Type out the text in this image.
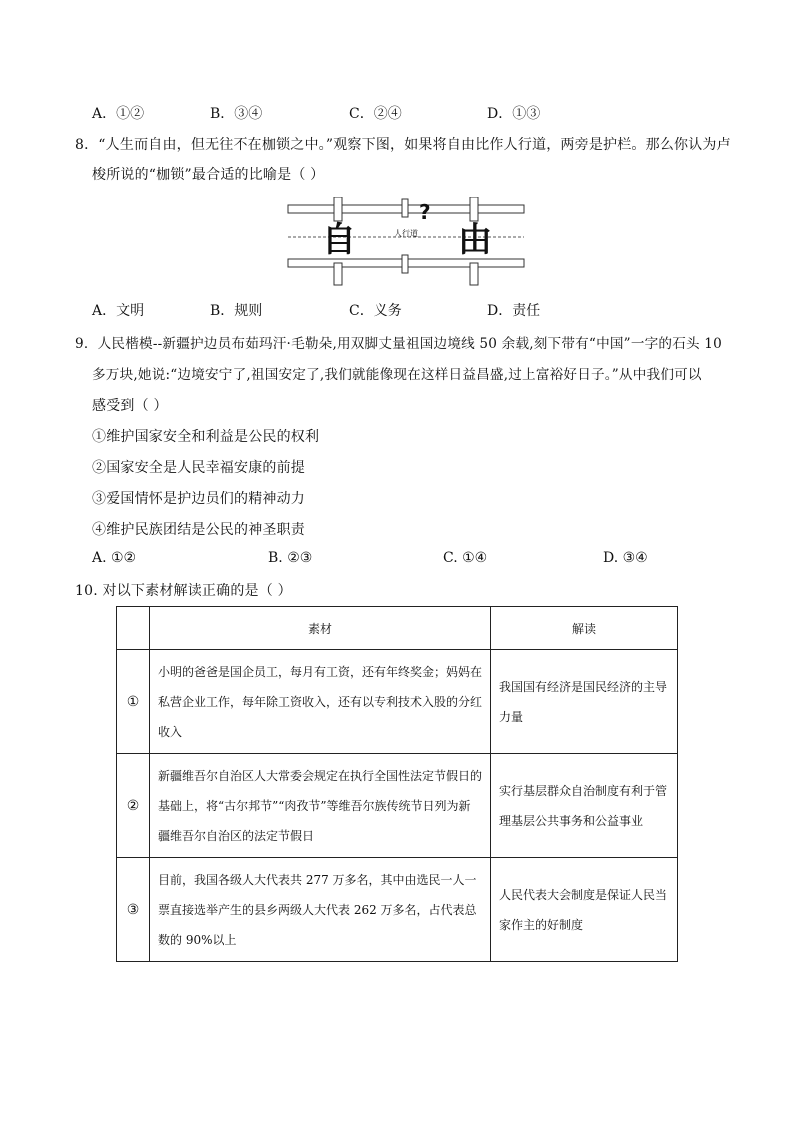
A．①②	B．③④	C．②④	D．①③
8．“人生而自由，但无往不在枷锁之中。”观察下图，如果将自由比作人行道，两旁是护栏。那么你认为卢
梭所说的“枷锁”最合适的比喻是（ ）
自	由
人行道
?
A．文明	B．规则	C．义务	D．责任
9．人民楷模--新疆护边员布茹玛汗·毛勒朵,用双脚丈量祖国边境线 50 余载,刻下带有“中国”一字的石头 10
多万块,她说:“边境安宁了,祖国安定了,我们就能像现在这样日益昌盛,过上富裕好日子。”从中我们可以
感受到（ ）
①维护国家安全和利益是公民的权利
②国家安全是人民幸福安康的前提
③爱国情怀是护边员们的精神动力
④维护民族团结是公民的神圣职责
A. ①②	B. ②③	C. ①④	D. ③④
10. 对以下素材解读正确的是（ ）
	素材	解读
①	小明的爸爸是国企员工，每月有工资，还有年终奖金；妈妈在私营企业工作，每年除工资收入，还有以专利技术入股的分红收入	我国国有经济是国民经济的主导力量
②	新疆维吾尔自治区人大常委会规定在执行全国性法定节假日的基础上，将“古尔邦节”“肉孜节”等维吾尔族传统节日列为新疆维吾尔自治区的法定节假日	实行基层群众自治制度有利于管理基层公共事务和公益事业
③	目前，我国各级人大代表共 277 万多名，其中由选民一人一票直接选举产生的县乡两级人大代表 262 万多名，占代表总数的 90%以上	人民代表大会制度是保证人民当家作主的好制度
